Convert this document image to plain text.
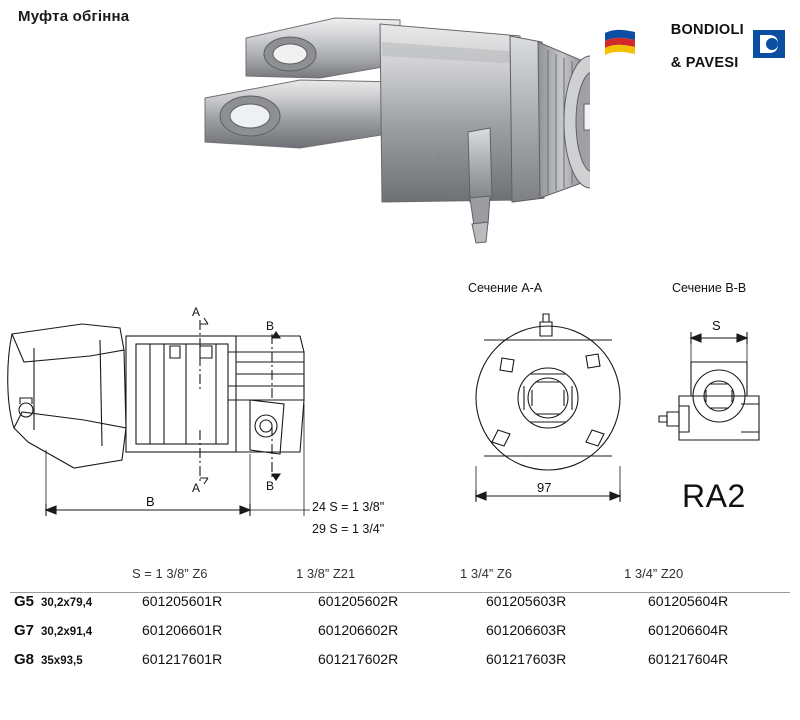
Муфта обгінна

BONDIOLI

& PAVESI

Сечение A-A	Сечение B-B
B
A
A
B
B	97
S
RA2
24 S = 1 3/8"
29 S = 1 3/4"
S = 1 3/8” Z6	1 3/8” Z21	1 3/4” Z6	1 3/4” Z20
G5 30,2x79,4	601205601R	601205602R	601205603R	601205604R
G7 30,2x91,4	601206601R	601206602R	601206603R	601206604R
G8 35x93,5	601217601R	601217602R	601217603R	601217604R
